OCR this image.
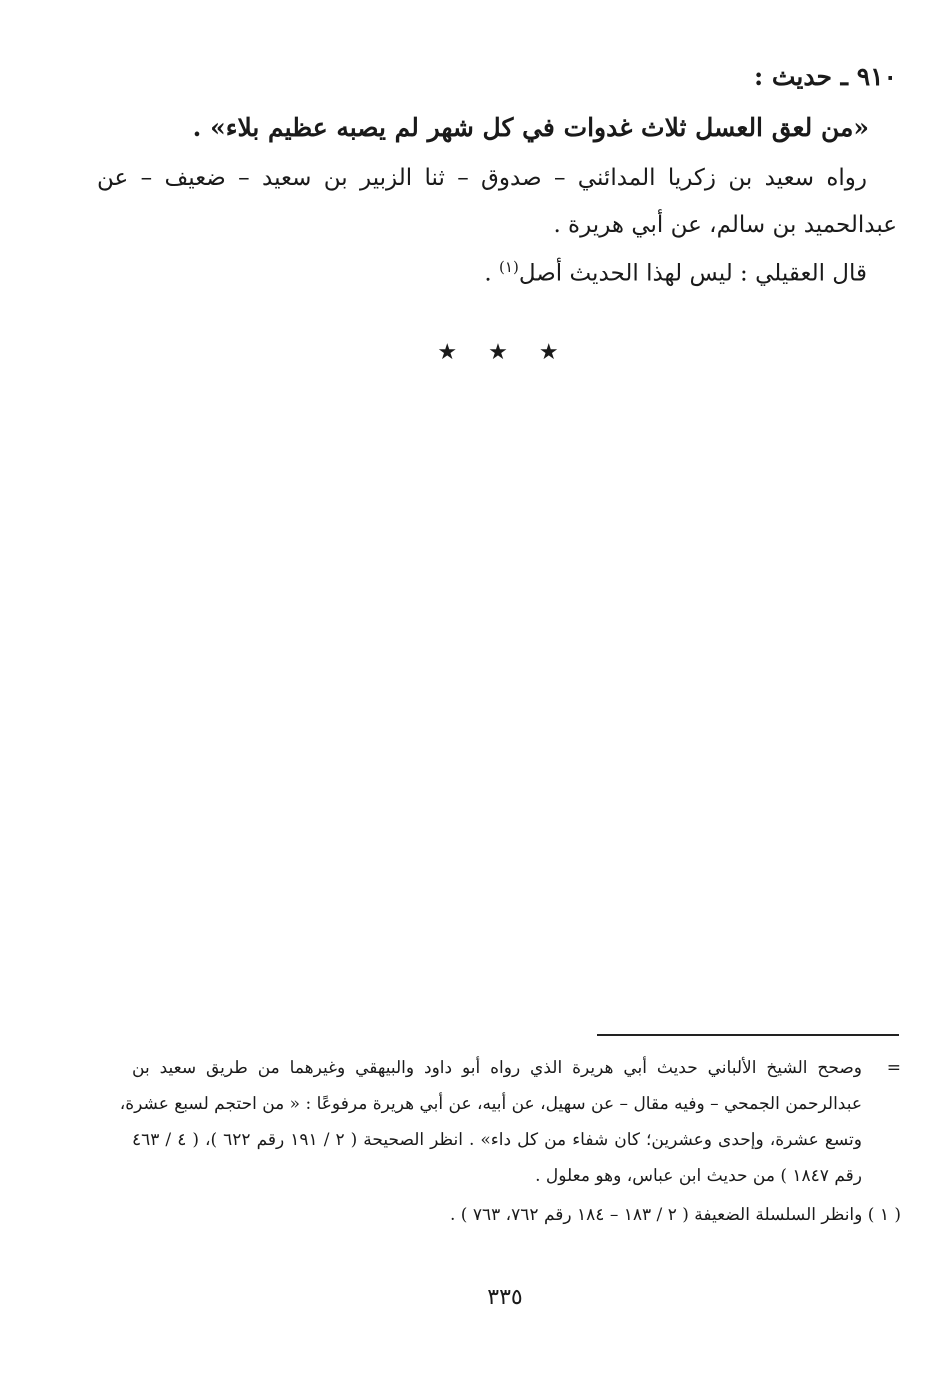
٩١٠ ـ حديث :
«من لعق العسل ثلاث غدوات في كل شهر لم يصبه عظيم بلاء» .
رواه سعيد بن زكريا المدائني – صدوق – ثنا الزبير بن سعيد – ضعيف – عن
عبدالحميد بن سالم، عن أبي هريرة .
قال العقيلي : ليس لهذا الحديث أصل$^{(١)}$ .
★ ★ ★
=
وصحح الشيخ الألباني حديث أبي هريرة الذي رواه أبو داود والبيهقي وغيرهما من طريق سعيد بن
عبدالرحمن الجمحي – وفيه مقال – عن سهيل، عن أبيه، عن أبي هريرة مرفوعًا : « من احتجم لسبع عشرة،
وتسع عشرة، وإحدى وعشرين؛ كان شفاء من كل داء» . انظر الصحيحة ( ٢ / ١٩١ رقم ٦٢٢ )، ( ٤ / ٤٦٣
رقم ١٨٤٧ ) من حديث ابن عباس، وهو معلول .
( ١ ) وانظر السلسلة الضعيفة ( ٢ / ١٨٣ – ١٨٤ رقم ٧٦٢، ٧٦٣ ) .
٣٣٥
